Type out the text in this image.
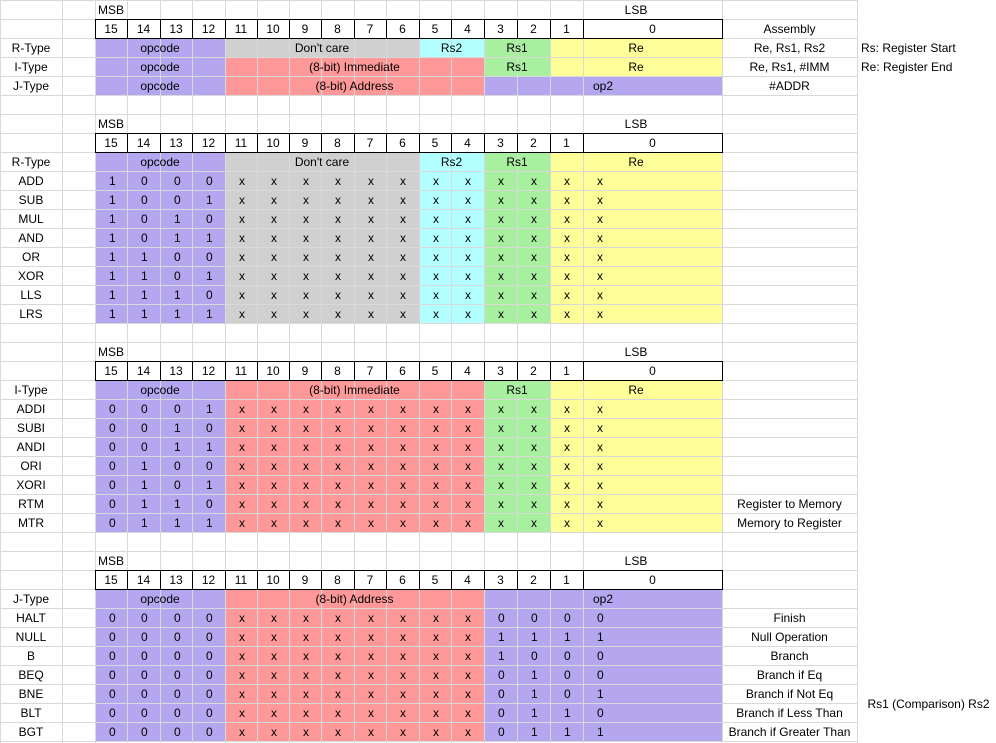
MSB	LSB
15	14	13	12	11	10	9	8	7	6	5	4	3	2	1	0	Assembly
R-Type	opcode	Don't care	Rs2	Rs1	Re	Re, Rs1, Rs2	Rs: Register Start
I-Type	opcode	(8-bit) Immediate	Rs1	Re	Re, Rs1, #IMM	Re: Register End
J-Type	opcode	(8-bit) Address	op2	#ADDR
MSB	LSB
15	14	13	12	11	10	9	8	7	6	5	4	3	2	1	0
R-Type	opcode	Don't care	Rs2	Rs1	Re
ADD	1	0	0	0	x	x	x	x	x	x	x	x	x	x	x	x
SUB	1	0	0	1	x	x	x	x	x	x	x	x	x	x	x	x
MUL	1	0	1	0	x	x	x	x	x	x	x	x	x	x	x	x
AND	1	0	1	1	x	x	x	x	x	x	x	x	x	x	x	x
OR	1	1	0	0	x	x	x	x	x	x	x	x	x	x	x	x
XOR	1	1	0	1	x	x	x	x	x	x	x	x	x	x	x	x
LLS	1	1	1	0	x	x	x	x	x	x	x	x	x	x	x	x
LRS	1	1	1	1	x	x	x	x	x	x	x	x	x	x	x	x
MSB	LSB
15	14	13	12	11	10	9	8	7	6	5	4	3	2	1	0
I-Type	opcode	(8-bit) Immediate	Rs1	Re
ADDI	0	0	0	1	x	x	x	x	x	x	x	x	x	x	x	x
SUBI	0	0	1	0	x	x	x	x	x	x	x	x	x	x	x	x
ANDI	0	0	1	1	x	x	x	x	x	x	x	x	x	x	x	x
ORI	0	1	0	0	x	x	x	x	x	x	x	x	x	x	x	x
XORI	0	1	0	1	x	x	x	x	x	x	x	x	x	x	x	x
RTM	0	1	1	0	x	x	x	x	x	x	x	x	x	x	x	x	Register to Memory
MTR	0	1	1	1	x	x	x	x	x	x	x	x	x	x	x	x	Memory to Register
MSB	LSB
15	14	13	12	11	10	9	8	7	6	5	4	3	2	1	0
J-Type	opcode	(8-bit) Address	op2
HALT	0	0	0	0	x	x	x	x	x	x	x	x	0	0	0	0	Finish
NULL	0	0	0	0	x	x	x	x	x	x	x	x	1	1	1	1	Null Operation
B	0	0	0	0	x	x	x	x	x	x	x	x	1	0	0	0	Branch
BEQ	0	0	0	0	x	x	x	x	x	x	x	x	0	1	0	0	Branch if Eq
BNE	0	0	0	0	x	x	x	x	x	x	x	x	0	1	0	1	Branch if Not Eq
BLT	0	0	0	0	x	x	x	x	x	x	x	x	0	1	1	0	Branch if Less Than
BGT	0	0	0	0	x	x	x	x	x	x	x	x	0	1	1	1	Branch if Greater Than
Rs1 (Comparison) Rs2
